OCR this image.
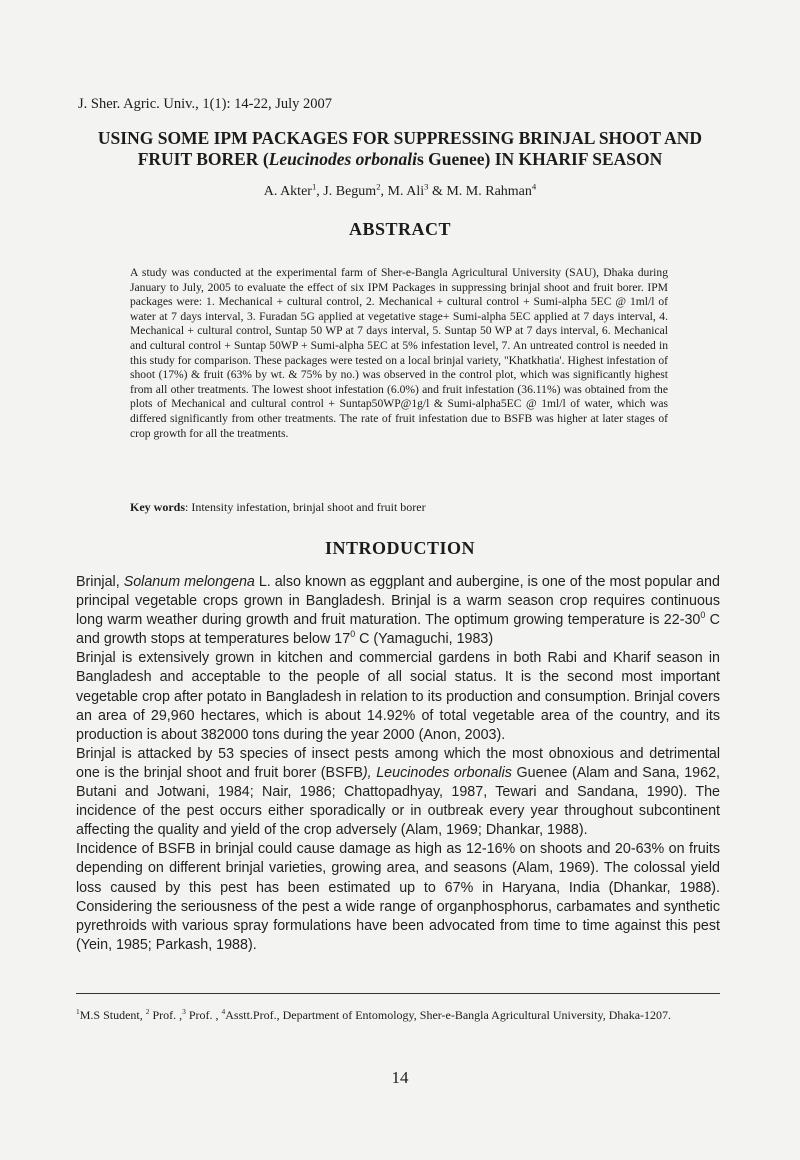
J. Sher. Agric. Univ., 1(1): 14-22, July 2007
USING SOME IPM PACKAGES FOR SUPPRESSING BRINJAL SHOOT AND
FRUIT BORER (Leucinodes orbonalis Guenee) IN KHARIF SEASON
A. Akter$^1$, J. Begum$^2$, M. Ali$^3$ & M. M. Rahman$^4$
ABSTRACT
A study was conducted at the experimental farm of Sher-e-Bangla Agricultural University (SAU), Dhaka during January to July, 2005 to evaluate the effect of six IPM Packages in suppressing brinjal shoot and fruit borer. IPM packages were: 1. Mechanical + cultural control, 2. Mechanical + cultural control + Sumi-alpha 5EC @ 1ml/l of water at 7 days interval, 3. Furadan 5G applied at vegetative stage+ Sumi-alpha 5EC applied at 7 days interval, 4. Mechanical + cultural control, Suntap 50 WP at 7 days interval, 5. Suntap 50 WP at 7 days interval, 6. Mechanical and cultural control + Suntap 50WP + Sumi-alpha 5EC at 5% infestation level, 7. An untreated control is needed in this study for comparison. These packages were tested on a local brinjal variety, "Khatkhatia'. Highest infestation of shoot (17%) & fruit (63% by wt. & 75% by no.) was observed in the control plot, which was significantly highest from all other treatments. The lowest shoot infestation (6.0%) and fruit infestation (36.11%) was obtained from the plots of Mechanical and cultural control + Suntap50WP@1g/l & Sumi-alpha5EC @ 1ml/l of water, which was differed significantly from other treatments. The rate of fruit infestation due to BSFB was higher at later stages of crop growth for all the treatments.
Key words: Intensity infestation, brinjal shoot and fruit borer
INTRODUCTION

Brinjal, Solanum melongena L. also known as eggplant and aubergine, is one of the most popular and principal vegetable crops grown in Bangladesh. Brinjal is a warm season crop requires continuous long warm weather during growth and fruit maturation. The optimum growing temperature is $22-30^0$ C and growth stops at temperatures below $17^0$ C (Yamaguchi, 1983)

Brinjal is extensively grown in kitchen and commercial gardens in both Rabi and Kharif season in Bangladesh and acceptable to the people of all social status. It is the second most important vegetable crop after potato in Bangladesh in relation to its production and consumption. Brinjal covers an area of 29,960 hectares, which is about 14.92% of total vegetable area of the country, and its production is about 382000 tons during the year 2000 (Anon, 2003).

Brinjal is attacked by 53 species of insect pests among which the most obnoxious and detrimental one is the brinjal shoot and fruit borer (BSFB), Leucinodes orbonalis Guenee (Alam and Sana, 1962, Butani and Jotwani, 1984; Nair, 1986; Chattopadhyay, 1987, Tewari and Sandana, 1990). The incidence of the pest occurs either sporadically or in outbreak every year throughout subcontinent affecting the quality and yield of the crop adversely (Alam, 1969; Dhankar, 1988).

Incidence of BSFB in brinjal could cause damage as high as 12-16% on shoots and 20-63% on fruits depending on different brinjal varieties, growing area, and seasons (Alam, 1969). The colossal yield loss caused by this pest has been estimated up to 67% in Haryana, India (Dhankar, 1988). Considering the seriousness of the pest a wide range of organphosphorus, carbamates and synthetic pyrethroids with various spray formulations have been advocated from time to time against this pest (Yein, 1985; Parkash, 1988).

$^1$M.S Student, $^2$ Prof. ,$^3$ Prof. , $^4$Asstt.Prof., Department of Entomology, Sher-e-Bangla Agricultural University, Dhaka-1207.
14
